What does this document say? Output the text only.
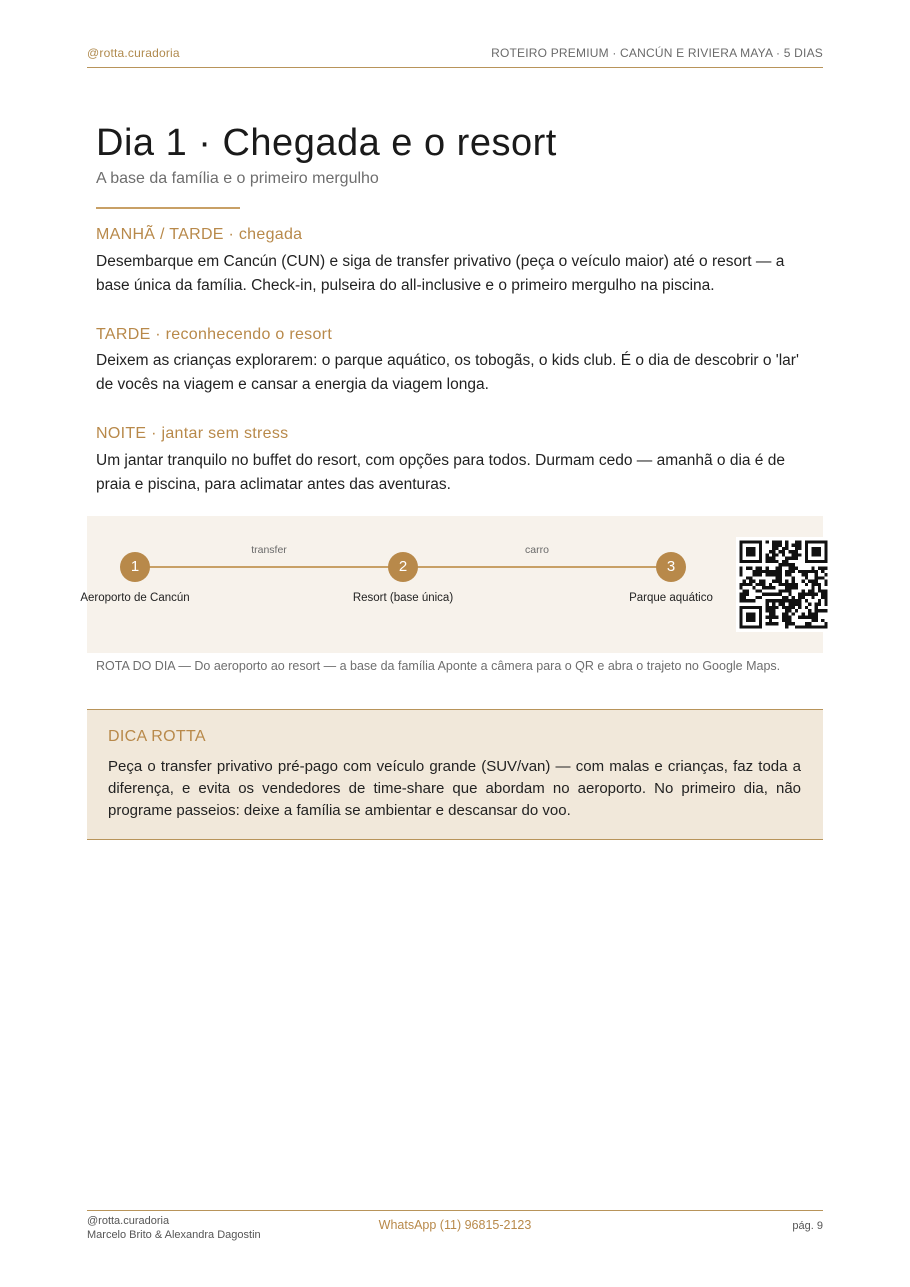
@rotta.curadoria	ROTEIRO PREMIUM · CANCÚN E RIVIERA MAYA · 5 DIAS
Dia 1 · Chegada e o resort
A base da família e o primeiro mergulho
MANHÃ / TARDE · chegada
Desembarque em Cancún (CUN) e siga de transfer privativo (peça o veículo maior) até o resort — a base única da família. Check-in, pulseira do all-inclusive e o primeiro mergulho na piscina.
TARDE · reconhecendo o resort
Deixem as crianças explorarem: o parque aquático, os tobogãs, o kids club. É o dia de descobrir o 'lar' de vocês na viagem e cansar a energia da viagem longa.
NOITE · jantar sem stress
Um jantar tranquilo no buffet do resort, com opções para todos. Durmam cedo — amanhã o dia é de praia e piscina, para aclimatar antes das aventuras.
transfer	carro
1	2	3
Aeroporto de Cancún	Resort (base única)	Parque aquático
ROTA DO DIA — Do aeroporto ao resort — a base da família Aponte a câmera para o QR e abra o trajeto no Google Maps.
DICA ROTTA
Peça o transfer privativo pré-pago com veículo grande (SUV/van) — com malas e crianças, faz toda a diferença, e evita os vendedores de time-share que abordam no aeroporto. No primeiro dia, não programe passeios: deixe a família se ambientar e descansar do voo.
@rotta.curadoria
Marcelo Brito & Alexandra Dagostin
WhatsApp (11) 96815-2123	pág. 9
